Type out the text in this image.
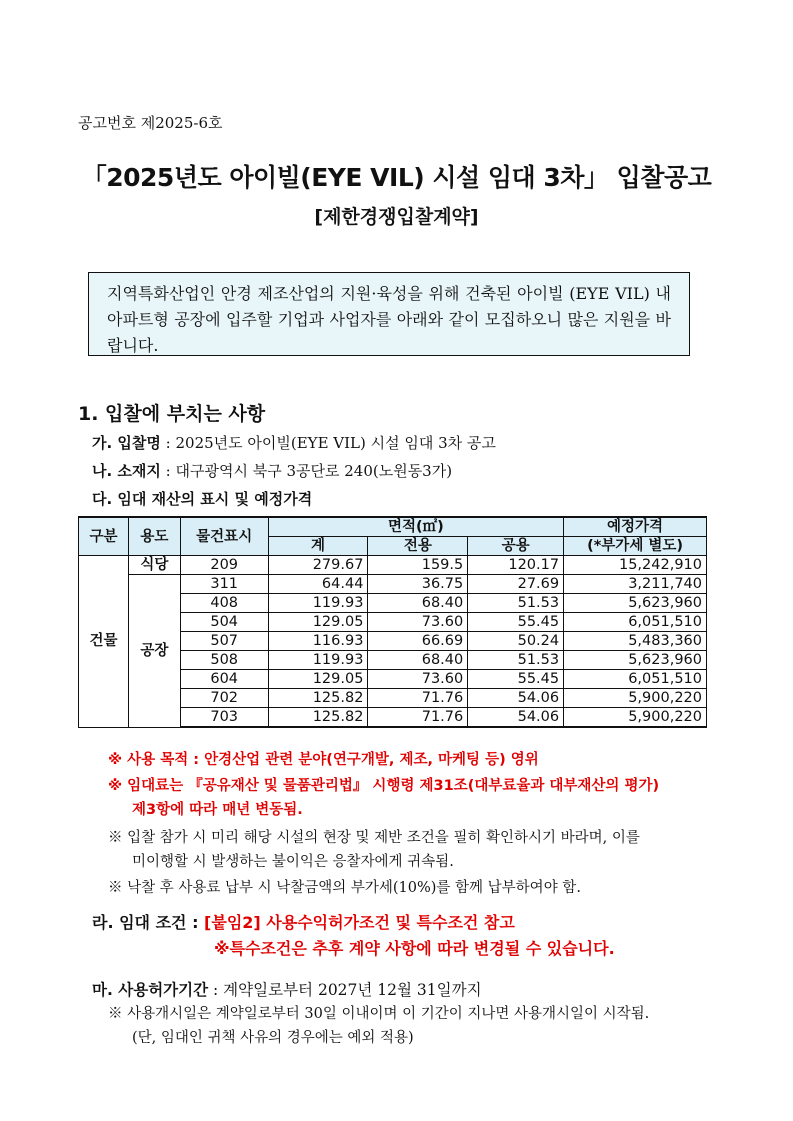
공고번호 제2025-6호
「2025년도 아이빌(EYE VIL) 시설 임대 3차」 입찰공고
[제한경쟁입찰계약]
지역특화산업인 안경 제조산업의 지원·육성을 위해 건축된 아이빌 (EYE VIL) 내 아파트형 공장에 입주할 기업과 사업자를 아래와 같이 모집하오니 많은 지원을 바랍니다.
1. 입찰에 부치는 사항
가. 입찰명 : 2025년도 아이빌(EYE VIL) 시설 임대 3차 공고
나. 소재지 : 대구광역시 북구 3공단로 240(노원동3가)
다. 임대 재산의 표시 및 예정가격
구분	용도	물건표시	면적(㎡)			예정가격
			계	전용	공용	(*부가세 별도)
건물	식당	209	279.67	159.5	120.17	15,242,910
	공장	311	64.44	36.75	27.69	3,211,740
		408	119.93	68.40	51.53	5,623,960
		504	129.05	73.60	55.45	6,051,510
		507	116.93	66.69	50.24	5,483,360
		508	119.93	68.40	51.53	5,623,960
		604	129.05	73.60	55.45	6,051,510
		702	125.82	71.76	54.06	5,900,220
		703	125.82	71.76	54.06	5,900,220
※ 사용 목적 : 안경산업 관련 분야(연구개발, 제조, 마케팅 등) 영위
※ 임대료는 『공유재산 및 물품관리법』 시행령 제31조(대부료율과 대부재산의 평가)
제3항에 따라 매년 변동됨.
※ 입찰 참가 시 미리 해당 시설의 현장 및 제반 조건을 필히 확인하시기 바라며, 이를
미이행할 시 발생하는 불이익은 응찰자에게 귀속됨.
※ 낙찰 후 사용료 납부 시 낙찰금액의 부가세(10%)를 함께 납부하여야 함.
라. 임대 조건 : [붙임2] 사용수익허가조건 및 특수조건 참고
※특수조건은 추후 계약 사항에 따라 변경될 수 있습니다.
마. 사용허가기간 : 계약일로부터 2027년 12월 31일까지
※ 사용개시일은 계약일로부터 30일 이내이며 이 기간이 지나면 사용개시일이 시작됨.
(단, 임대인 귀책 사유의 경우에는 예외 적용)
